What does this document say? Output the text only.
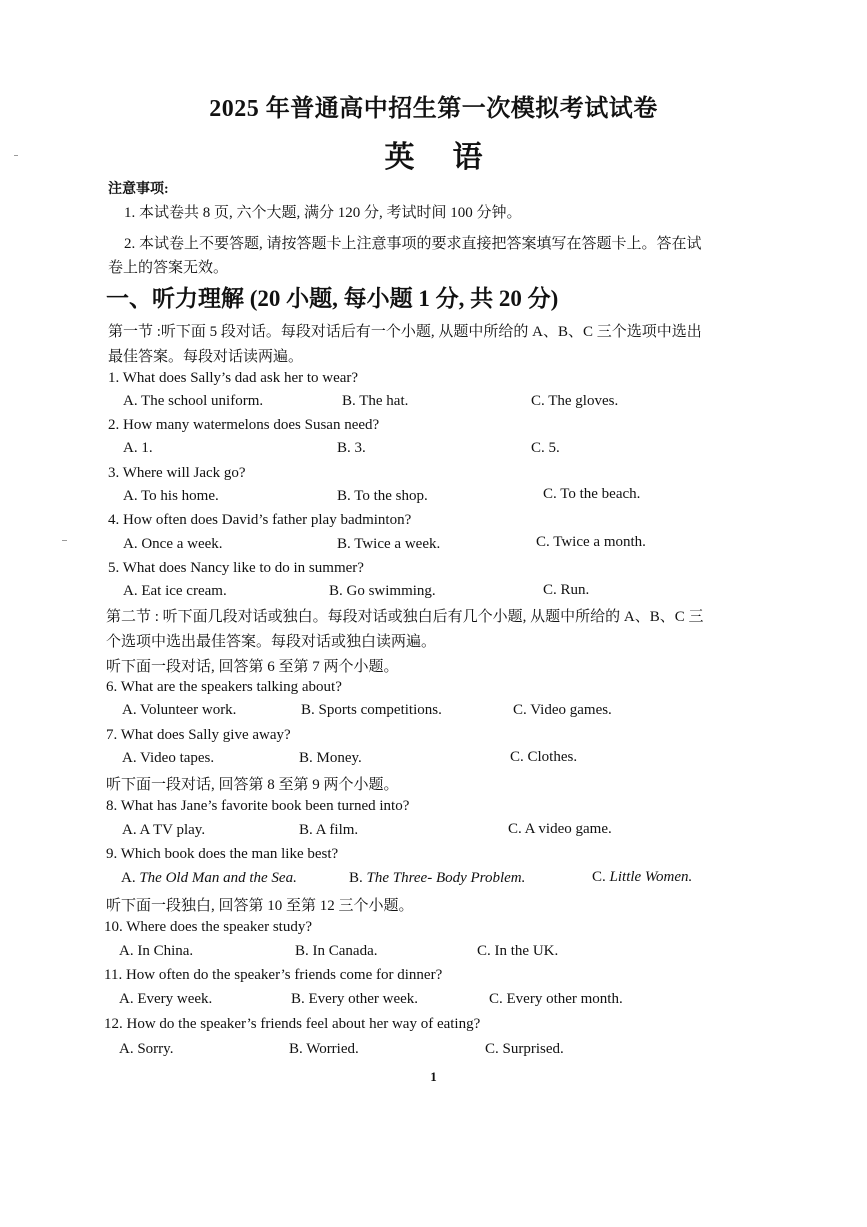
2025 年普通高中招生第一次模拟考试试卷
英语
注意事项:
1. 本试卷共 8 页, 六个大题, 满分 120 分, 考试时间 100 分钟。
2. 本试卷上不要答题, 请按答题卡上注意事项的要求直接把答案填写在答题卡上。答在试
卷上的答案无效。
一、听力理解 (20 小题, 每小题 1 分, 共 20 分)
第一节 :听下面 5 段对话。每段对话后有一个小题, 从题中所给的 A、B、C 三个选项中选出
最佳答案。每段对话读两遍。
1. What does Sally’s dad ask her to wear?
A. The school uniform.	B. The hat.	C. The gloves.
2. How many watermelons does Susan need?
A. 1.	B. 3.	C. 5.
3. Where will Jack go?
A. To his home.	B. To the shop.	C. To the beach.
4. How often does David’s father play badminton?
A. Once a week.	B. Twice a week.	C. Twice a month.
5. What does Nancy like to do in summer?
A. Eat ice cream.	B. Go swimming.	C. Run.
第二节 : 听下面几段对话或独白。每段对话或独白后有几个小题, 从题中所给的 A、B、C 三
个选项中选出最佳答案。每段对话或独白读两遍。
听下面一段对话, 回答第 6 至第 7 两个小题。
6. What are the speakers talking about?
A. Volunteer work.	B. Sports competitions.	C. Video games.
7. What does Sally give away?
A. Video tapes.	B. Money.	C. Clothes.
听下面一段对话, 回答第 8 至第 9 两个小题。
8. What has Jane’s favorite book been turned into?
A. A TV play.	B. A film.	C. A video game.
9. Which book does the man like best?
A. The Old Man and the Sea.	B. The Three- Body Problem.	C. Little Women.
听下面一段独白, 回答第 10 至第 12 三个小题。
10. Where does the speaker study?
A. In China.	B. In Canada.	C. In the UK.
11. How often do the speaker’s friends come for dinner?
A. Every week.	B. Every other week.	C. Every other month.
12. How do the speaker’s friends feel about her way of eating?
A. Sorry.	B. Worried.	C. Surprised.
1
